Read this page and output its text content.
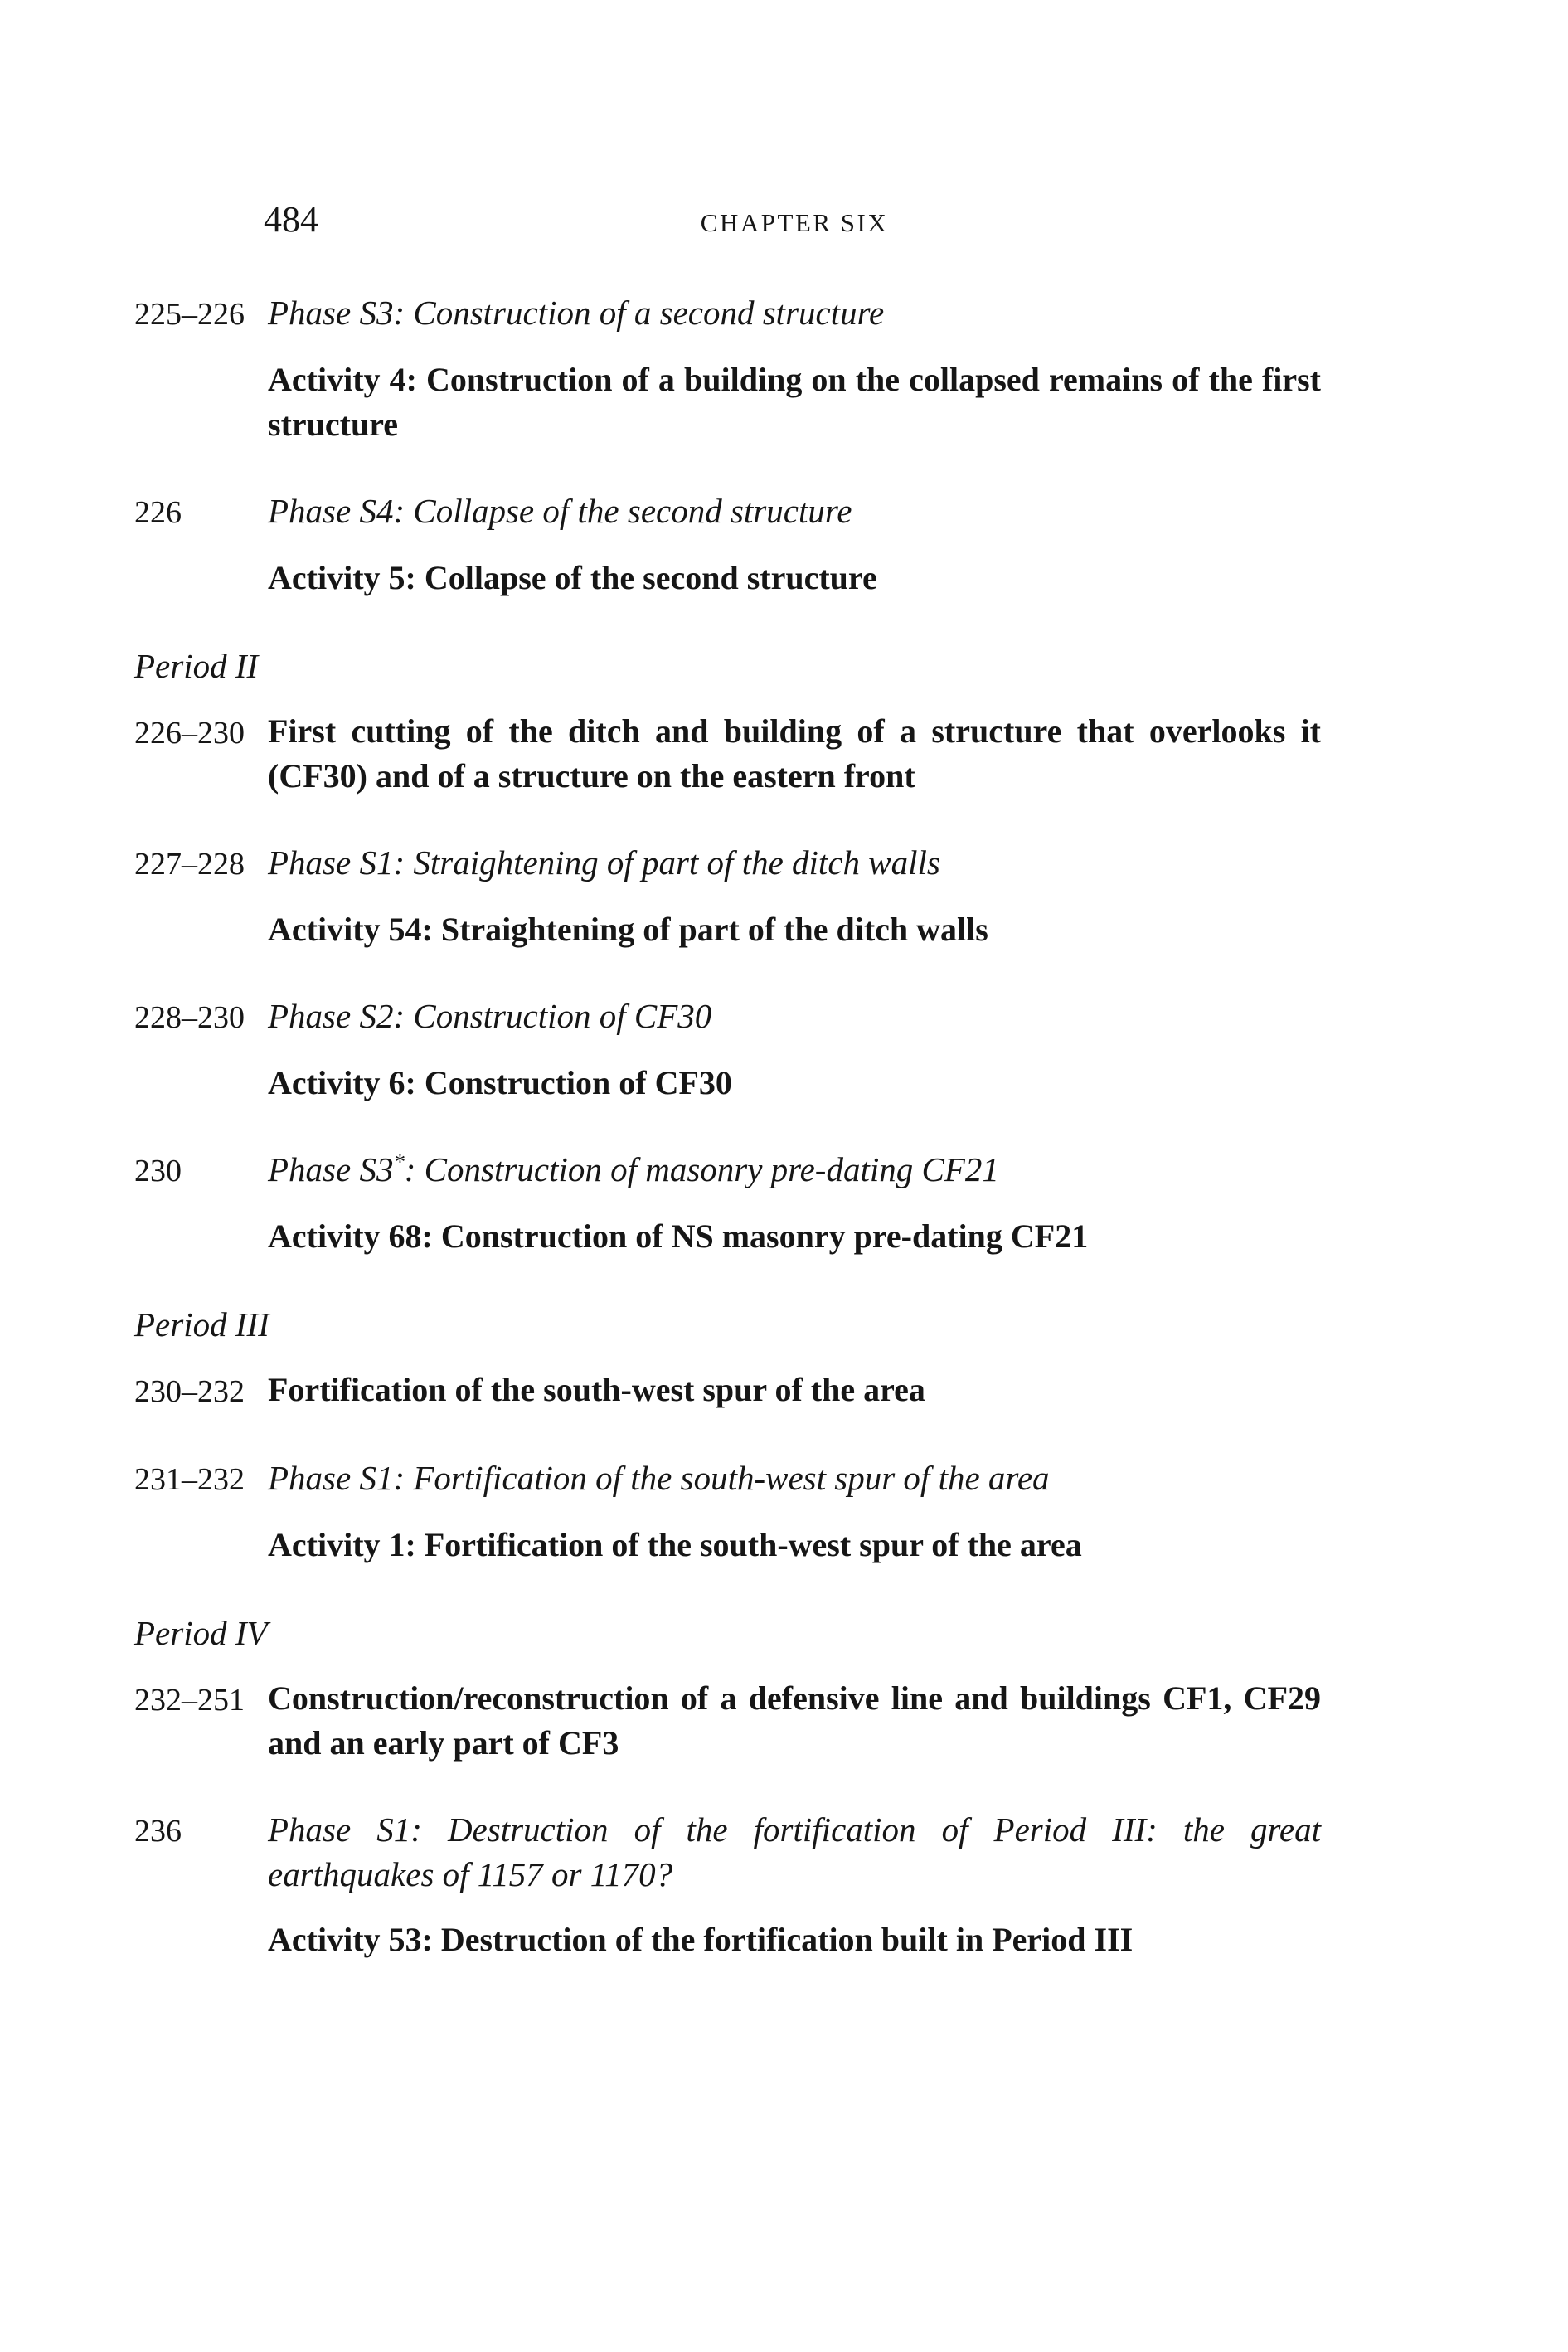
484	CHAPTER SIX
225–226 Phase S3: Construction of a second structure
Activity 4: Construction of a building on the collapsed remains of the first
structure
226	Phase S4: Collapse of the second structure
Activity 5: Collapse of the second structure
Period II
226–230 First cutting of the ditch and building of a structure that overlooks it
(CF30) and of a structure on the eastern front
227–228 Phase S1: Straightening of part of the ditch walls
Activity 54: Straightening of part of the ditch walls
228–230 Phase S2: Construction of CF30
Activity 6: Construction of CF30
230	Phase S3*: Construction of masonry pre-dating CF21
Activity 68: Construction of NS masonry pre-dating CF21
Period III
230–232 Fortification of the south-west spur of the area
231–232 Phase S1: Fortification of the south-west spur of the area
Activity 1: Fortification of the south-west spur of the area
Period IV
232–251 Construction/reconstruction of a defensive line and buildings CF1, CF29
and an early part of CF3
236	Phase S1: Destruction of the fortification of Period III: the great
earthquakes of 1157 or 1170?
Activity 53: Destruction of the fortification built in Period III
